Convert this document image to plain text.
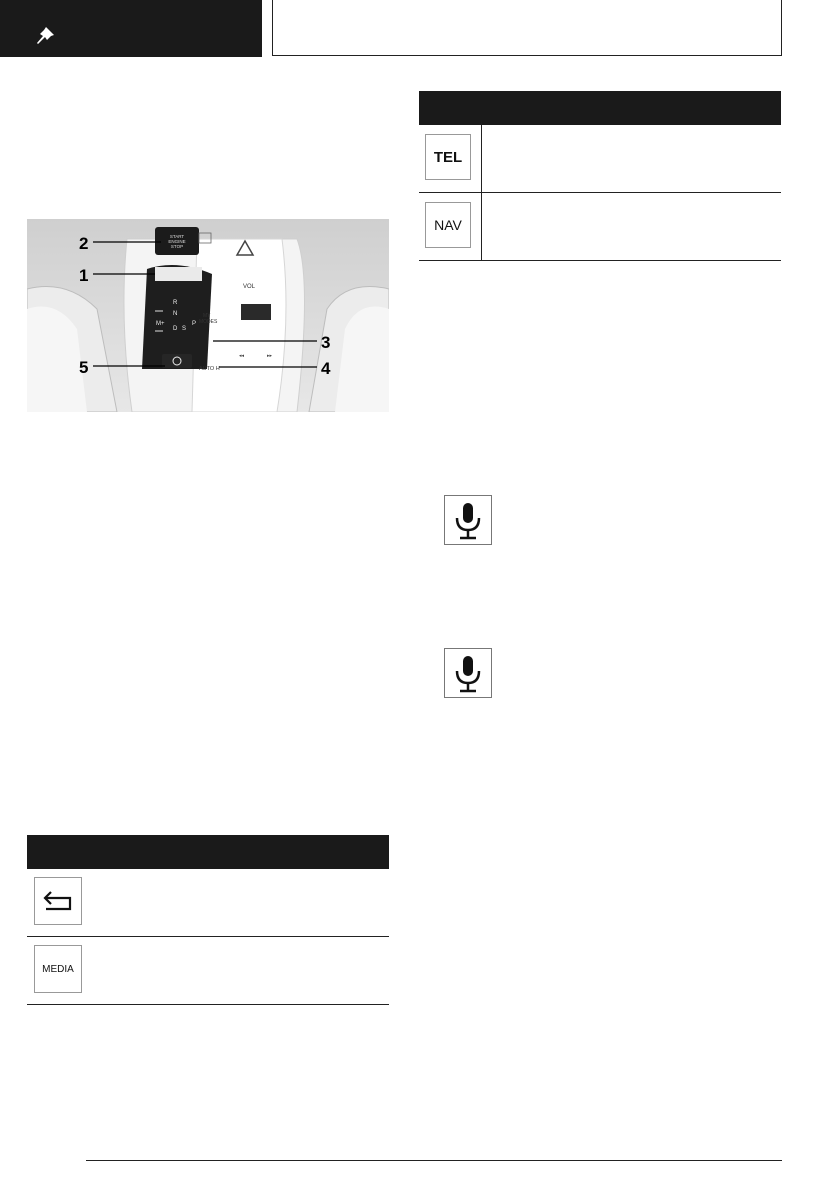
START
ENGINE
STOP
R
N
M+
D S
P
VOL
MY
MODES
AUTO H
◂◂	▸▸
2
1
3
5	4
TEL
NAV
MEDIA
